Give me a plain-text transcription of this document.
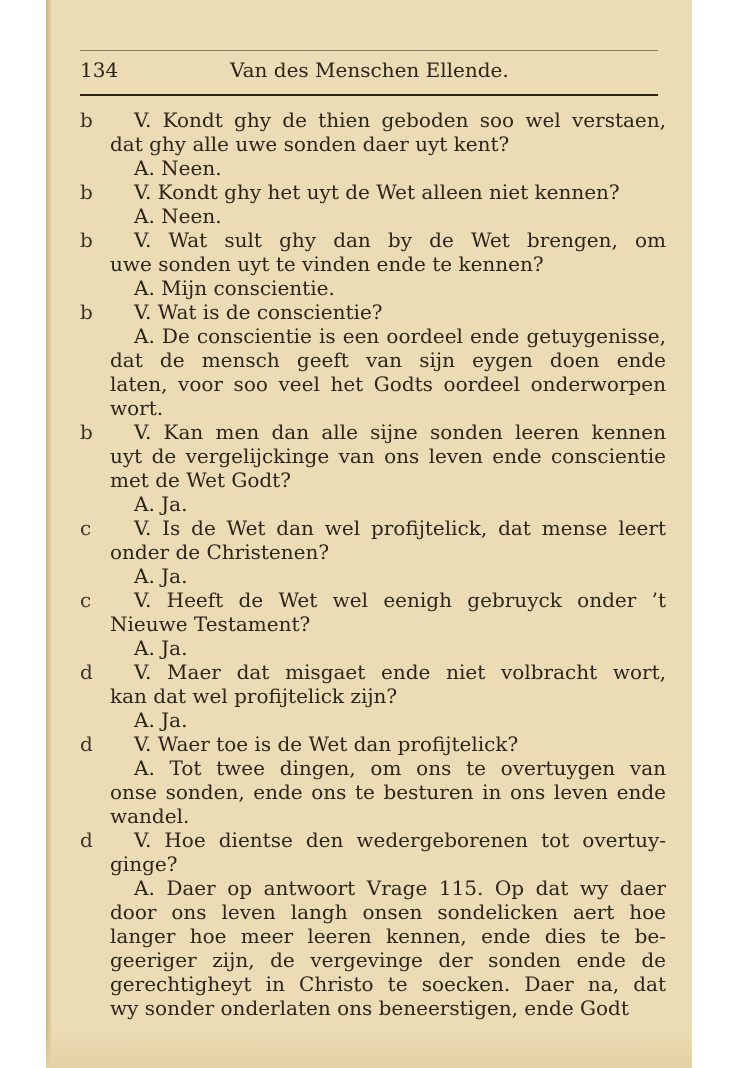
134	Van des Menschen Ellende.
b	V. Kondt ghy de thien geboden soo wel verstaen,
dat ghy alle uwe sonden daer uyt kent?
A. Neen.
b	V. Kondt ghy het uyt de Wet alleen niet kennen?
A. Neen.
b	V. Wat sult ghy dan by de Wet brengen, om
uwe sonden uyt te vinden ende te kennen?
A. Mijn conscientie.
b	V. Wat is de conscientie?
A. De conscientie is een oordeel ende getuygenisse,
dat de mensch geeft van sijn eygen doen ende
laten, voor soo veel het Godts oordeel onderworpen
wort.
b	V. Kan men dan alle sijne sonden leeren kennen
uyt de vergelijckinge van ons leven ende conscientie
met de Wet Godt?
A. Ja.
c	V. Is de Wet dan wel profijtelick, dat mense leert
onder de Christenen?
A. Ja.
c	V. Heeft de Wet wel eenigh gebruyck onder ’t
Nieuwe Testament?
A. Ja.
d	V. Maer dat misgaet ende niet volbracht wort,
kan dat wel profijtelick zijn?
A. Ja.
d	V. Waer toe is de Wet dan profijtelick?
A. Tot twee dingen, om ons te overtuygen van
onse sonden, ende ons te besturen in ons leven ende
wandel.
d	V. Hoe dientse den wedergeborenen tot overtuy-
ginge?
A. Daer op antwoort Vrage 115. Op dat wy daer
door ons leven langh onsen sondelicken aert hoe
langer hoe meer leeren kennen, ende dies te be-
geeriger zijn, de vergevinge der sonden ende de
gerechtigheyt in Christo te soecken. Daer na, dat
wy sonder onderlaten ons beneerstigen, ende Godt
